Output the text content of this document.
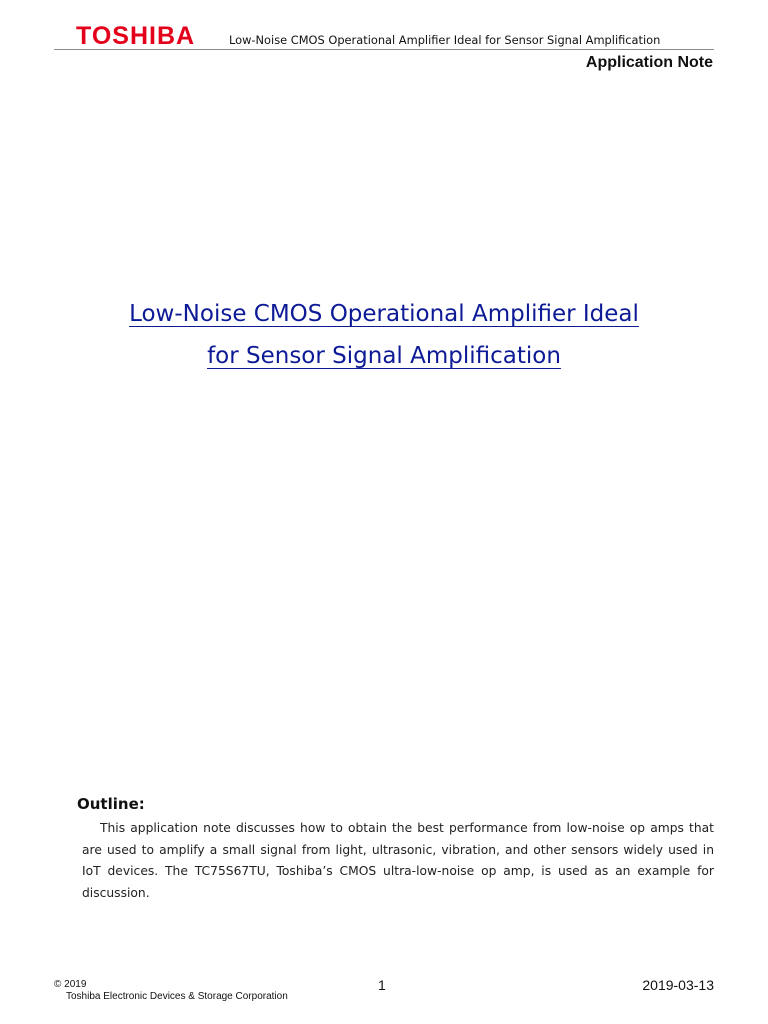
TOSHIBA	Low-Noise CMOS Operational Amplifier Ideal for Sensor Signal Amplification
Application Note
Low-Noise CMOS Operational Amplifier Ideal
for Sensor Signal Amplification
Outline:

This application note discusses how to obtain the best performance from low-noise op amps that are used to amplify a small signal from light, ultrasonic, vibration, and other sensors widely used in IoT devices. The TC75S67TU, Toshiba’s CMOS ultra-low-noise op amp, is used as an example for discussion.

© 2019
Toshiba Electronic Devices & Storage Corporation
1	2019-03-13
